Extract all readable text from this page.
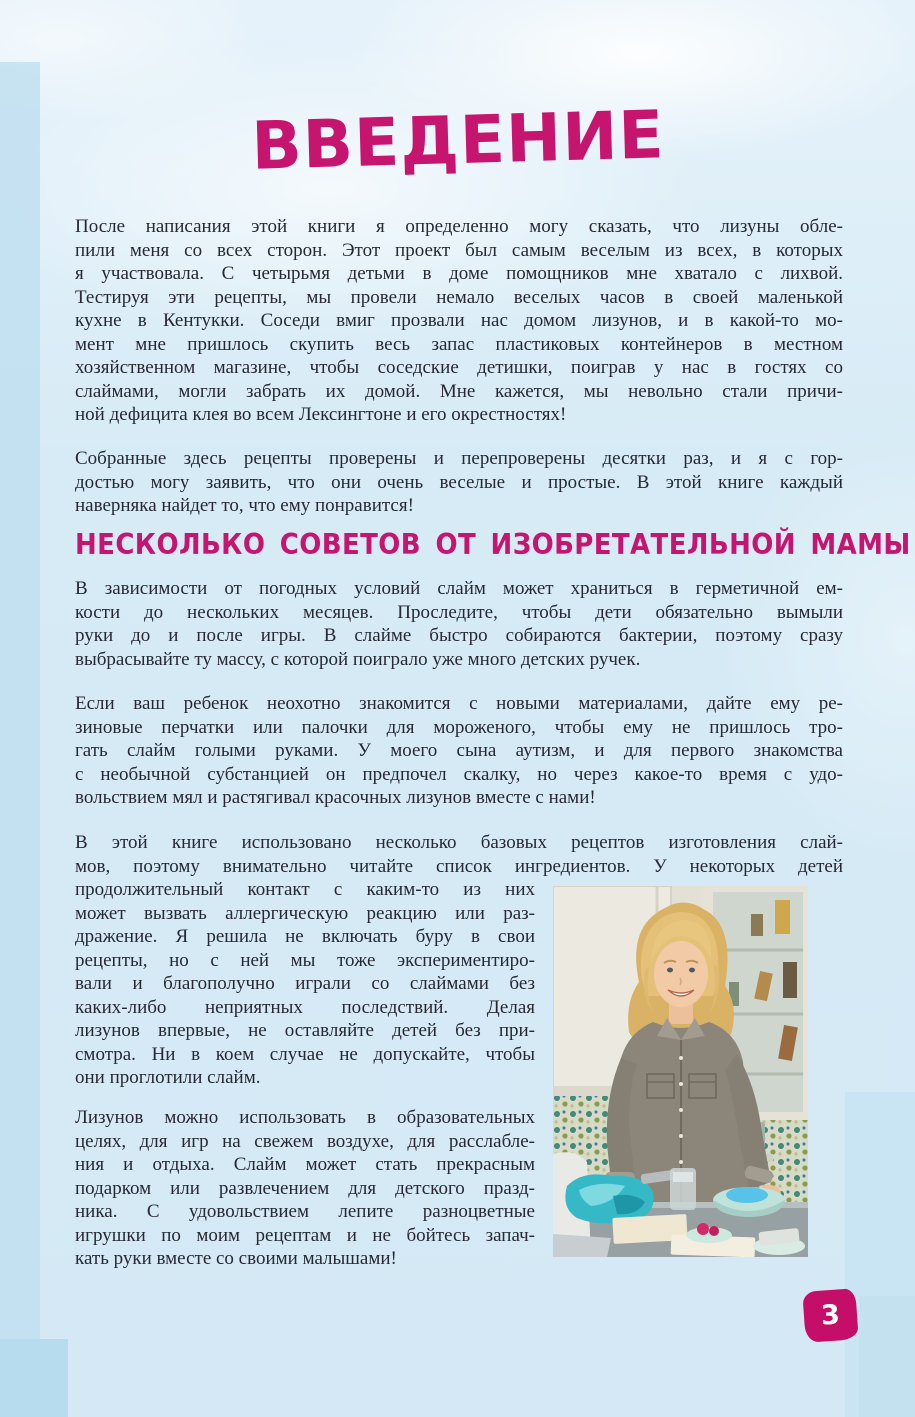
ВВЕДЕНИЕ
После написания этой книги я определенно могу сказать, что лизуны обле-
пили меня со всех сторон. Этот проект был самым веселым из всех, в которых
я участвовала. С четырьмя детьми в доме помощников мне хватало с лихвой.
Тестируя эти рецепты, мы провели немало веселых часов в своей маленькой
кухне в Кентукки. Соседи вмиг прозвали нас домом лизунов, и в какой-то мо-
мент мне пришлось скупить весь запас пластиковых контейнеров в местном
хозяйственном магазине, чтобы соседские детишки, поиграв у нас в гостях со
слаймами, могли забрать их домой. Мне кажется, мы невольно стали причи-
ной дефицита клея во всем Лексингтоне и его окрестностях!
Собранные здесь рецепты проверены и перепроверены десятки раз, и я с гор-
достью могу заявить, что они очень веселые и простые. В этой книге каждый
наверняка найдет то, что ему понравится!
НЕСКОЛЬКО СОВЕТОВ ОТ ИЗОБРЕТАТЕЛЬНОЙ МАМЫ
В зависимости от погодных условий слайм может храниться в герметичной ем-
кости до нескольких месяцев. Проследите, чтобы дети обязательно вымыли
руки до и после игры. В слайме быстро собираются бактерии, поэтому сразу
выбрасывайте ту массу, с которой поиграло уже много детских ручек.
Если ваш ребенок неохотно знакомится с новыми материалами, дайте ему ре-
зиновые перчатки или палочки для мороженого, чтобы ему не пришлось тро-
гать слайм голыми руками. У моего сына аутизм, и для первого знакомства
с необычной субстанцией он предпочел скалку, но через какое-то время с удо-
вольствием мял и растягивал красочных лизунов вместе с нами!
В этой книге использовано несколько базовых рецептов изготовления слай-
мов, поэтому внимательно читайте список ингредиентов. У некоторых детей
продолжительный контакт с каким-то из них
может вызвать аллергическую реакцию или раз-
дражение. Я решила не включать буру в свои
рецепты, но с ней мы тоже экспериментиро-
вали и благополучно играли со слаймами без
каких-либо неприятных последствий. Делая
лизунов впервые, не оставляйте детей без при-
смотра. Ни в коем случае не допускайте, чтобы
они проглотили слайм.
Лизунов можно использовать в образовательных
целях, для игр на свежем воздухе, для расслабле-
ния и отдыха. Слайм может стать прекрасным
подарком или развлечением для детского празд-
ника. С удовольствием лепите разноцветные
игрушки по моим рецептам и не бойтесь запач-
кать руки вместе со своими малышами!
3
